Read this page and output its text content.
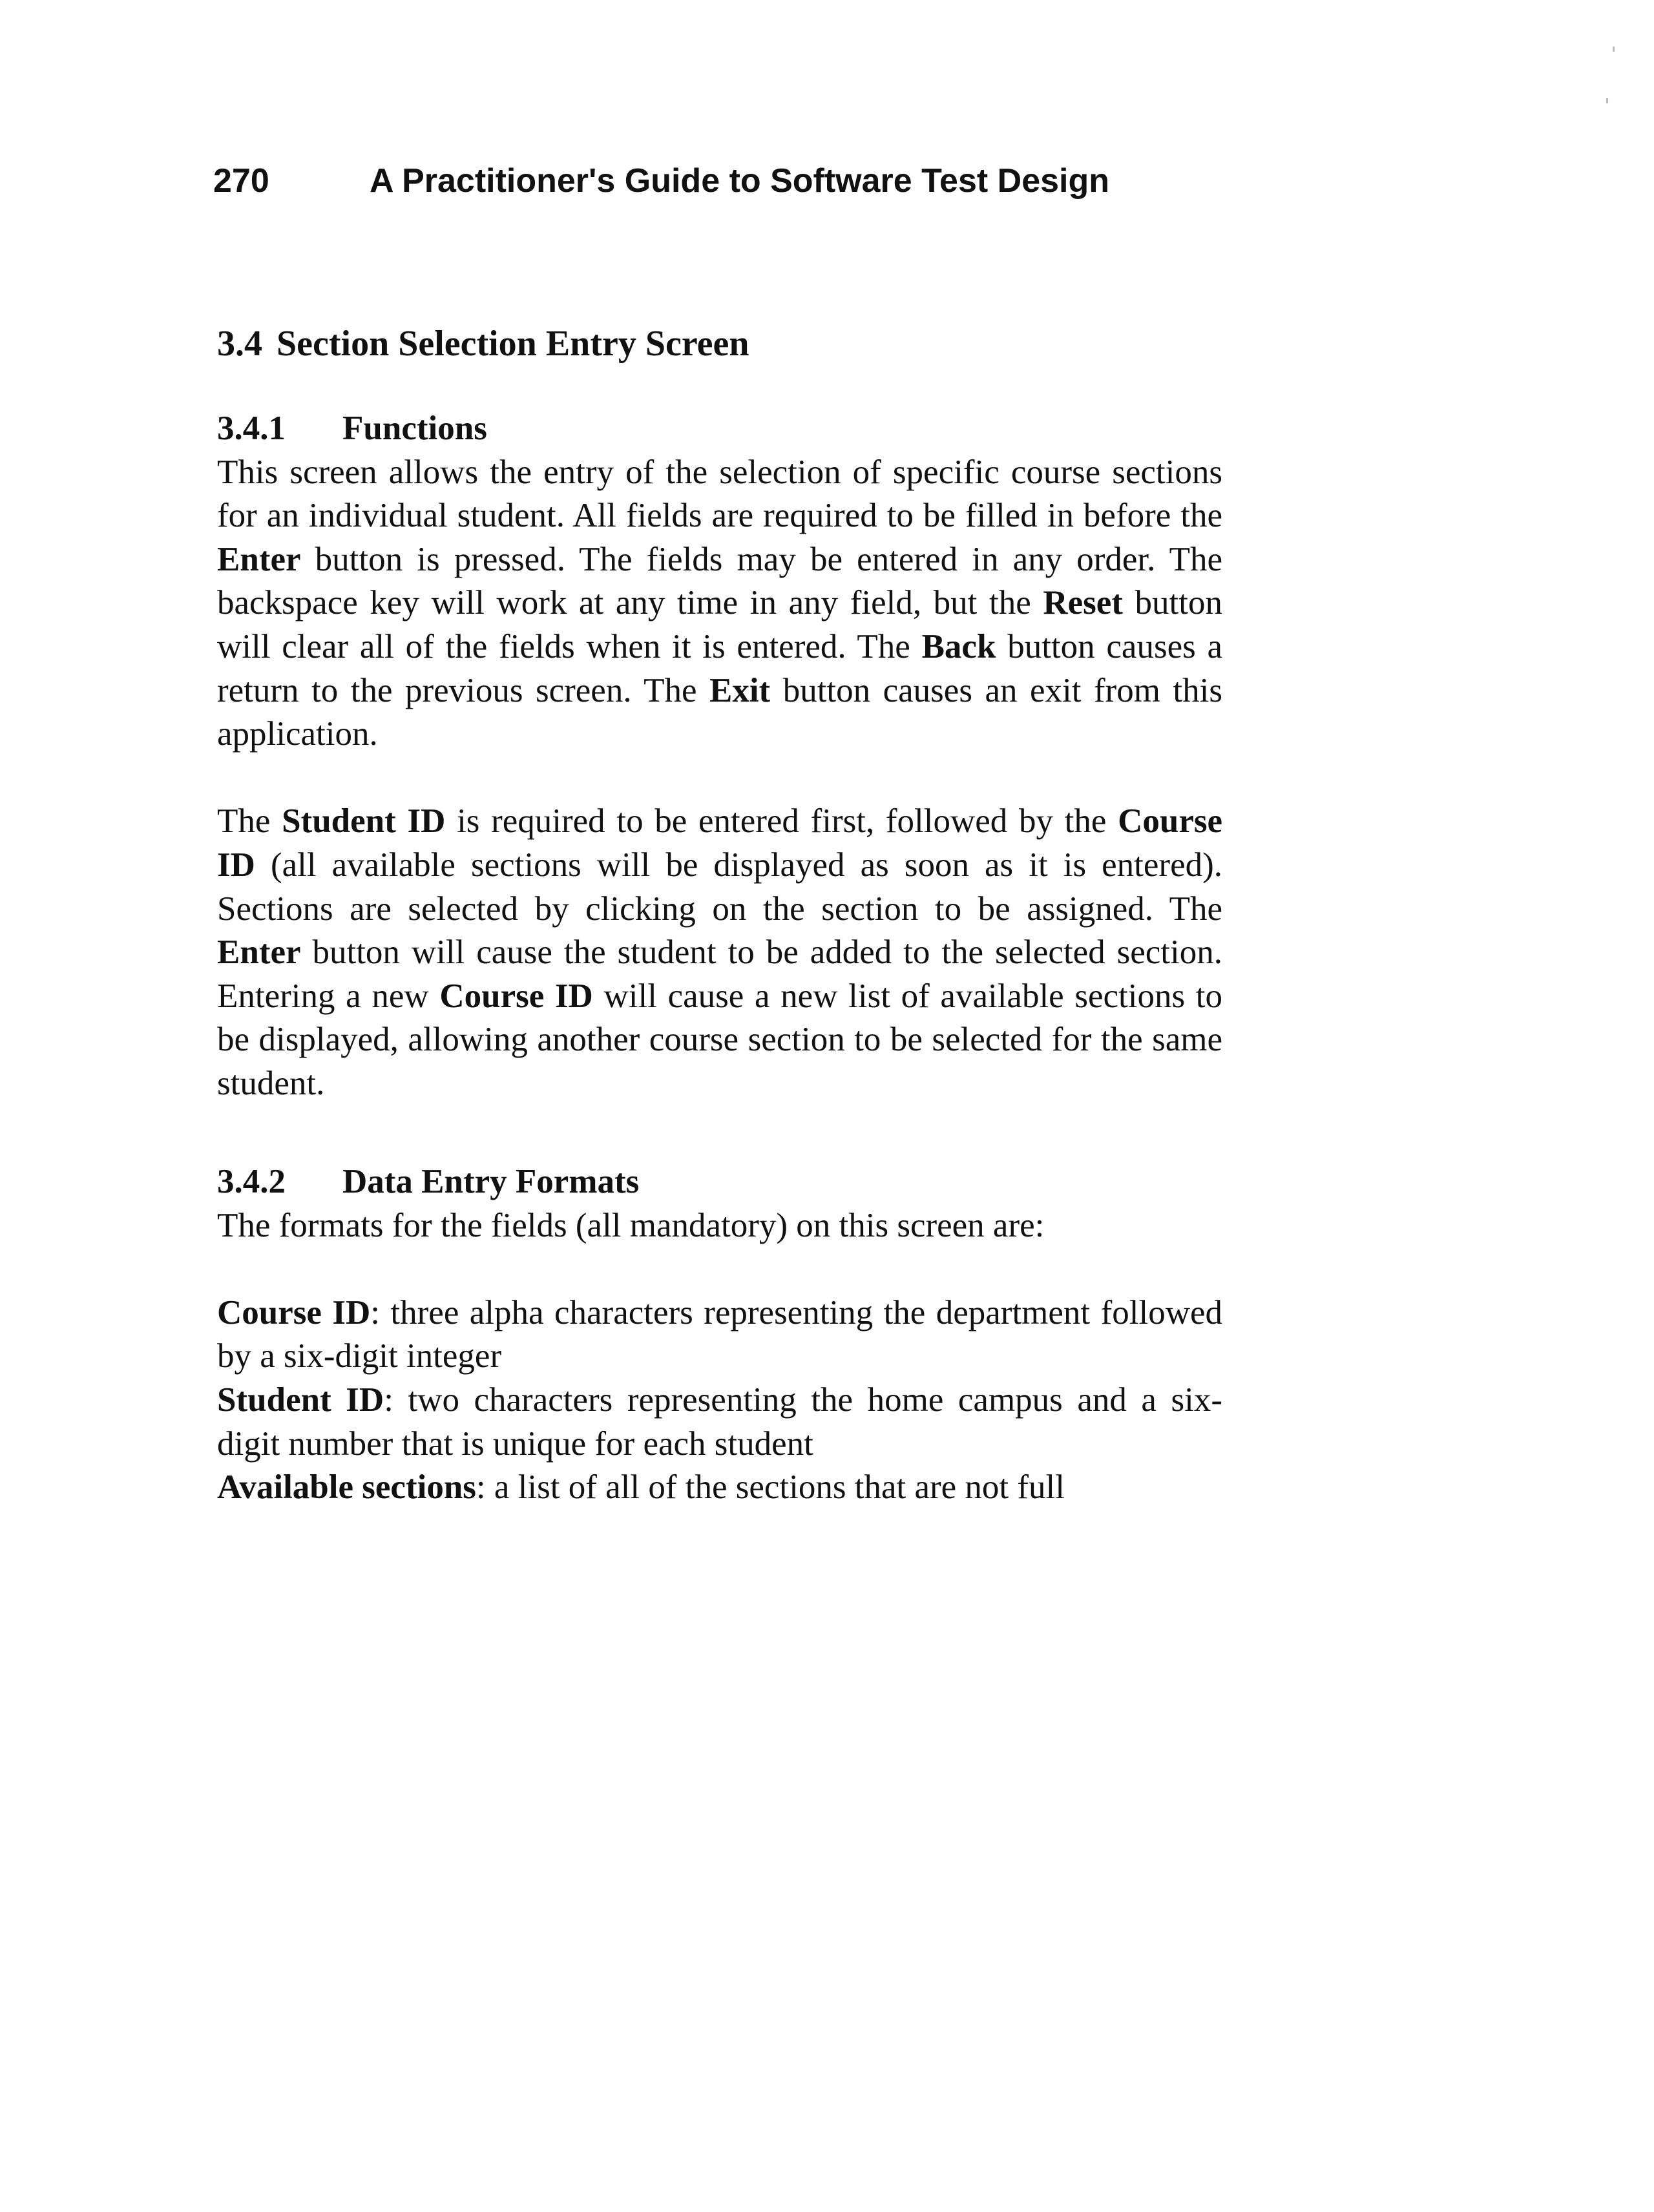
270	A Practitioner's Guide to Software Test Design
3.4 Section Selection Entry Screen
3.4.1 Functions

This screen allows the entry of the selection of specific course sections for an individual student. All fields are required to be filled in before the Enter button is pressed. The fields may be entered in any order. The backspace key will work at any time in any field, but the Reset button will clear all of the fields when it is entered. The Back button causes a return to the previous screen. The Exit button causes an exit from this application.

The Student ID is required to be entered first, followed by the Course ID (all available sections will be displayed as soon as it is entered). Sections are selected by clicking on the section to be assigned. The Enter button will cause the student to be added to the selected section. Entering a new Course ID will cause a new list of available sections to be displayed, allowing another course section to be selected for the same student.

3.4.2 Data Entry Formats

The formats for the fields (all mandatory) on this screen are:

Course ID: three alpha characters representing the department followed by a six-digit integer

Student ID: two characters representing the home campus and a six-digit number that is unique for each student

Available sections: a list of all of the sections that are not full
